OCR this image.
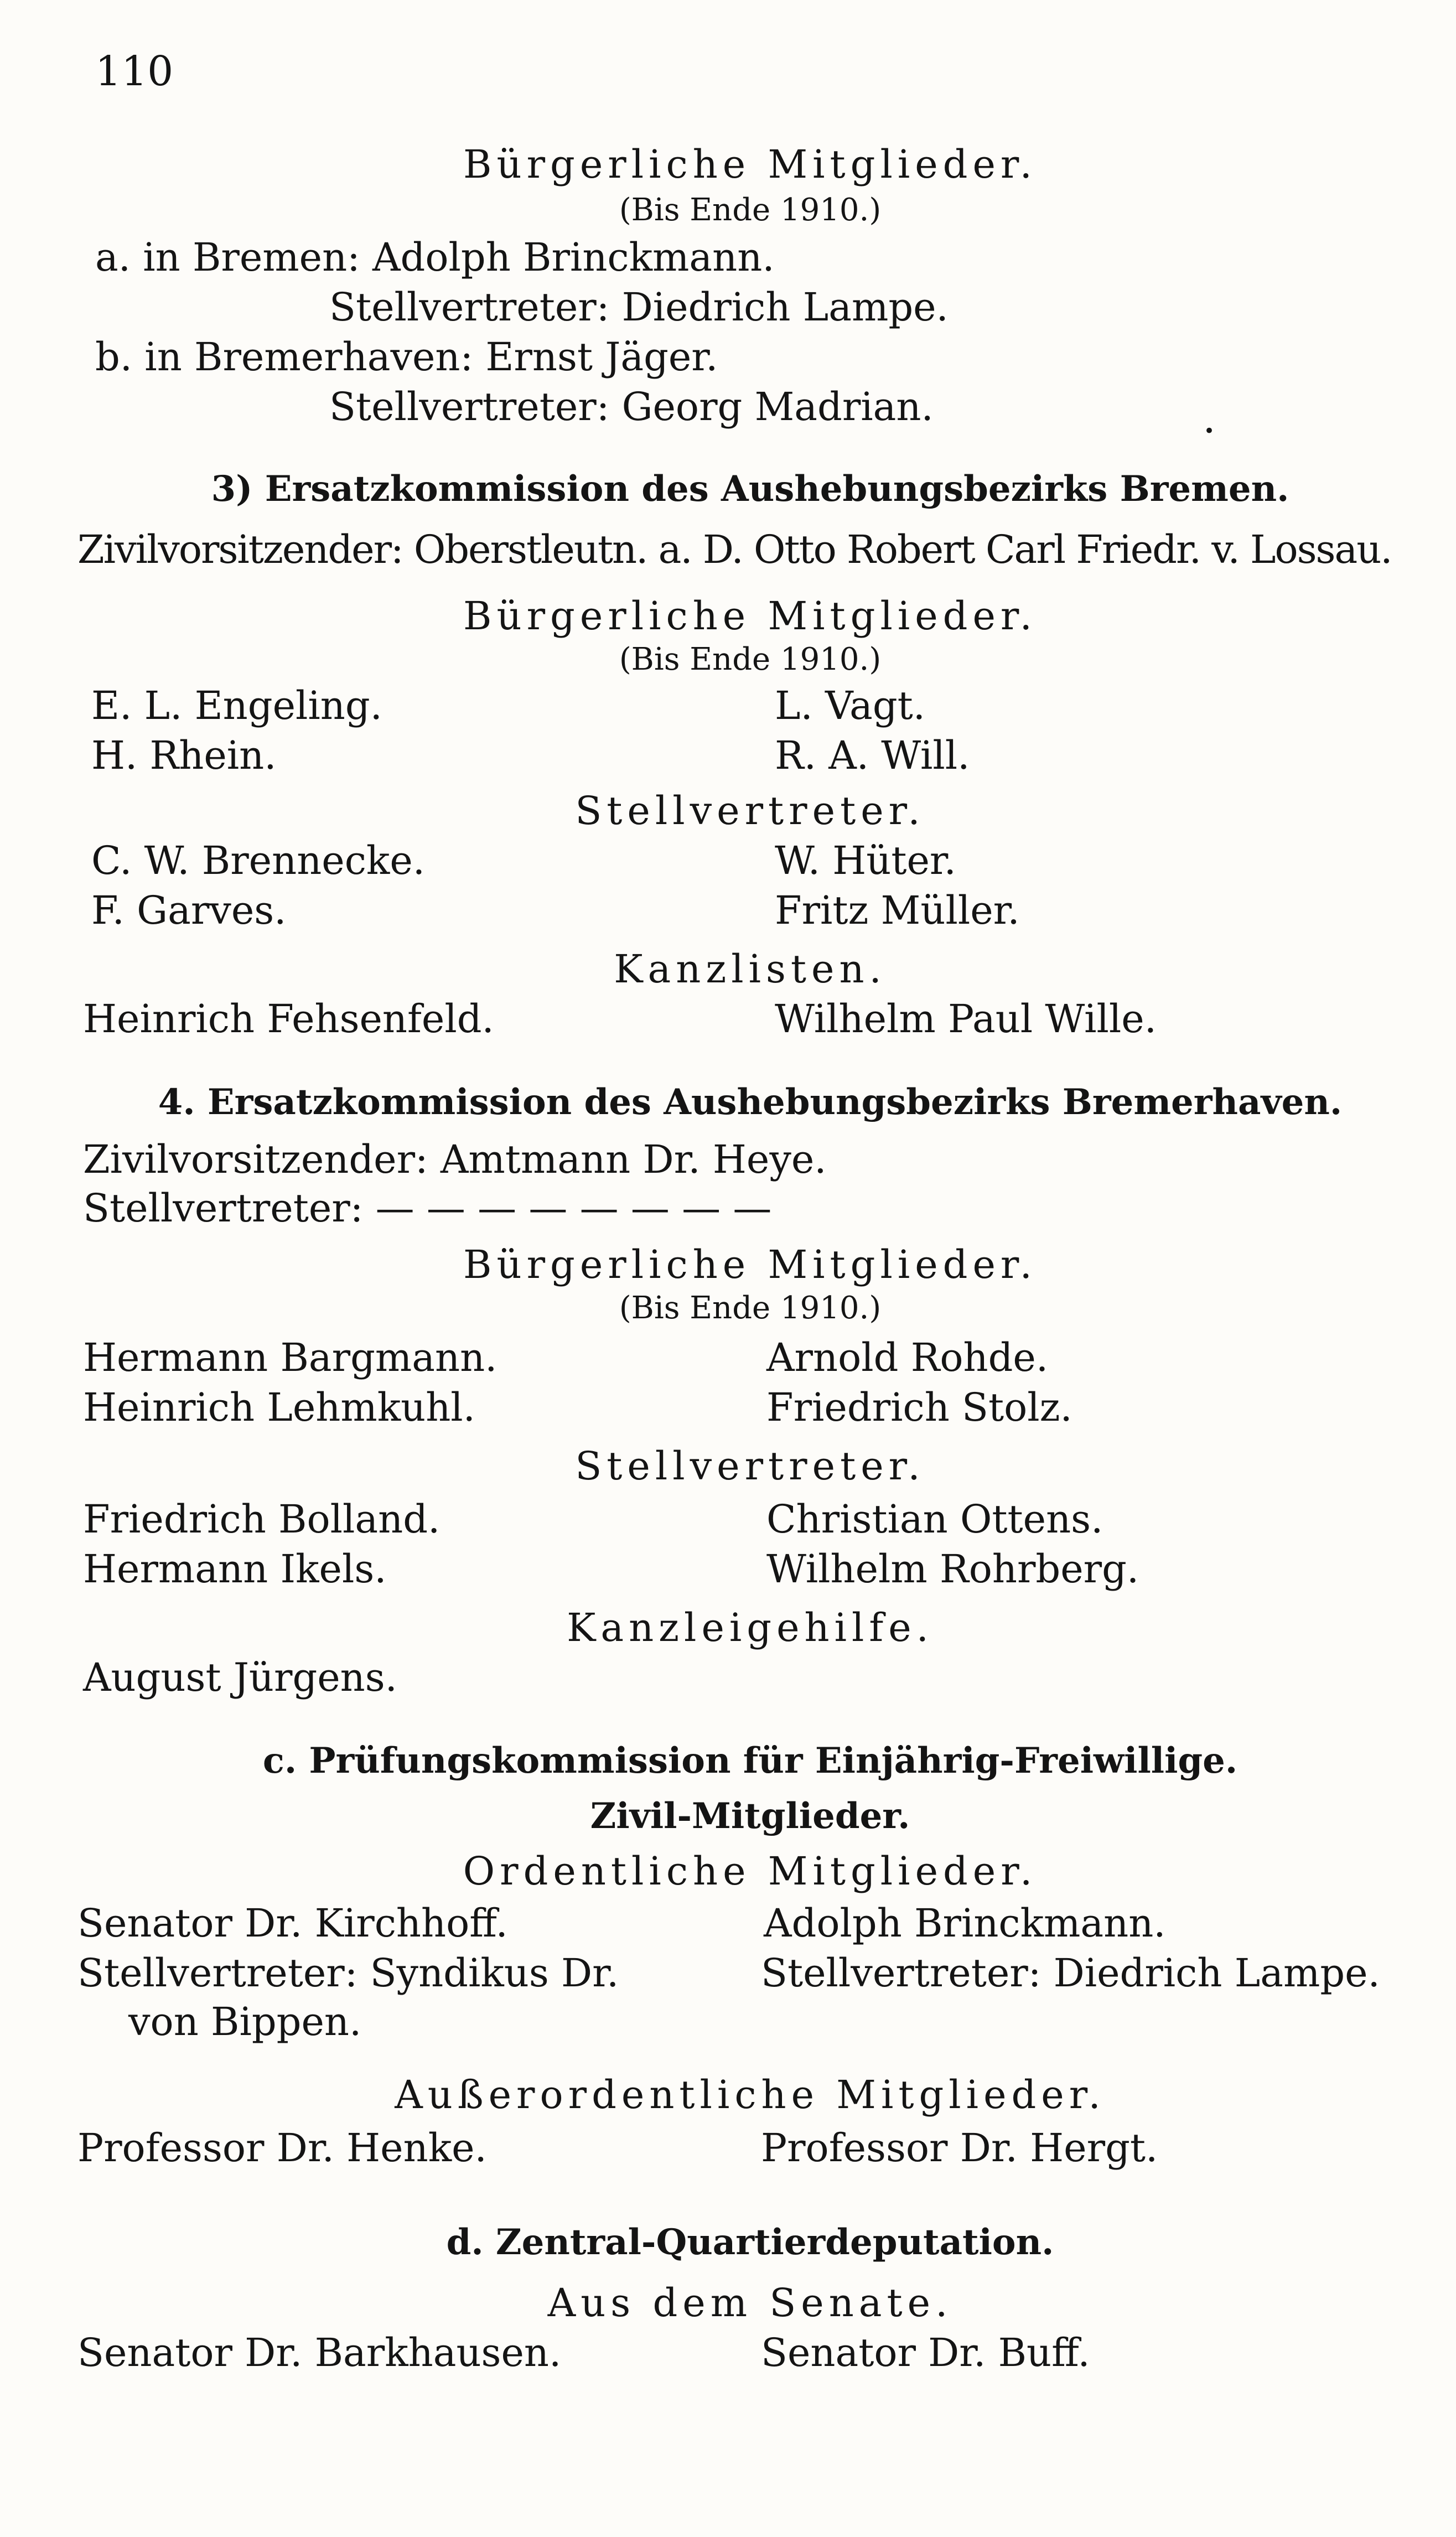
110
Bürgerliche Mitglieder.
(Bis Ende 1910.)
a. in Bremen: Adolph Brinckmann.
Stellvertreter: Diedrich Lampe.
b. in Bremerhaven: Ernst Jäger.
Stellvertreter: Georg Madrian.
•
3) Ersatzkommission des Aushebungsbezirks Bremen.
Zivilvorsitzender: Oberstleutn. a. D. Otto Robert Carl Friedr. v. Lossau.
Bürgerliche Mitglieder.
(Bis Ende 1910.)
E. L. Engeling.	L. Vagt.
H. Rhein.	R. A. Will.
Stellvertreter.
C. W. Brennecke.	W. Hüter.
F. Garves.	Fritz Müller.
Kanzlisten.
Heinrich Fehsenfeld.	Wilhelm Paul Wille.
4. Ersatzkommission des Aushebungsbezirks Bremerhaven.
Zivilvorsitzender: Amtmann Dr. Heye.
Stellvertreter: — — — — — — — —
Bürgerliche Mitglieder.
(Bis Ende 1910.)
Hermann Bargmann.	Arnold Rohde.
Heinrich Lehmkuhl.	Friedrich Stolz.
Stellvertreter.
Friedrich Bolland.	Christian Ottens.
Hermann Ikels.	Wilhelm Rohrberg.
Kanzleigehilfe.
August Jürgens.
c. Prüfungskommission für Einjährig-Freiwillige.
Zivil-Mitglieder.
Ordentliche Mitglieder.
Senator Dr. Kirchhoff.	Adolph Brinckmann.
Stellvertreter: Syndikus Dr.	Stellvertreter: Diedrich Lampe.
von Bippen.
Außerordentliche Mitglieder.
Professor Dr. Henke.	Professor Dr. Hergt.
d. Zentral-Quartierdeputation.
Aus dem Senate.
Senator Dr. Barkhausen.	Senator Dr. Buff.
